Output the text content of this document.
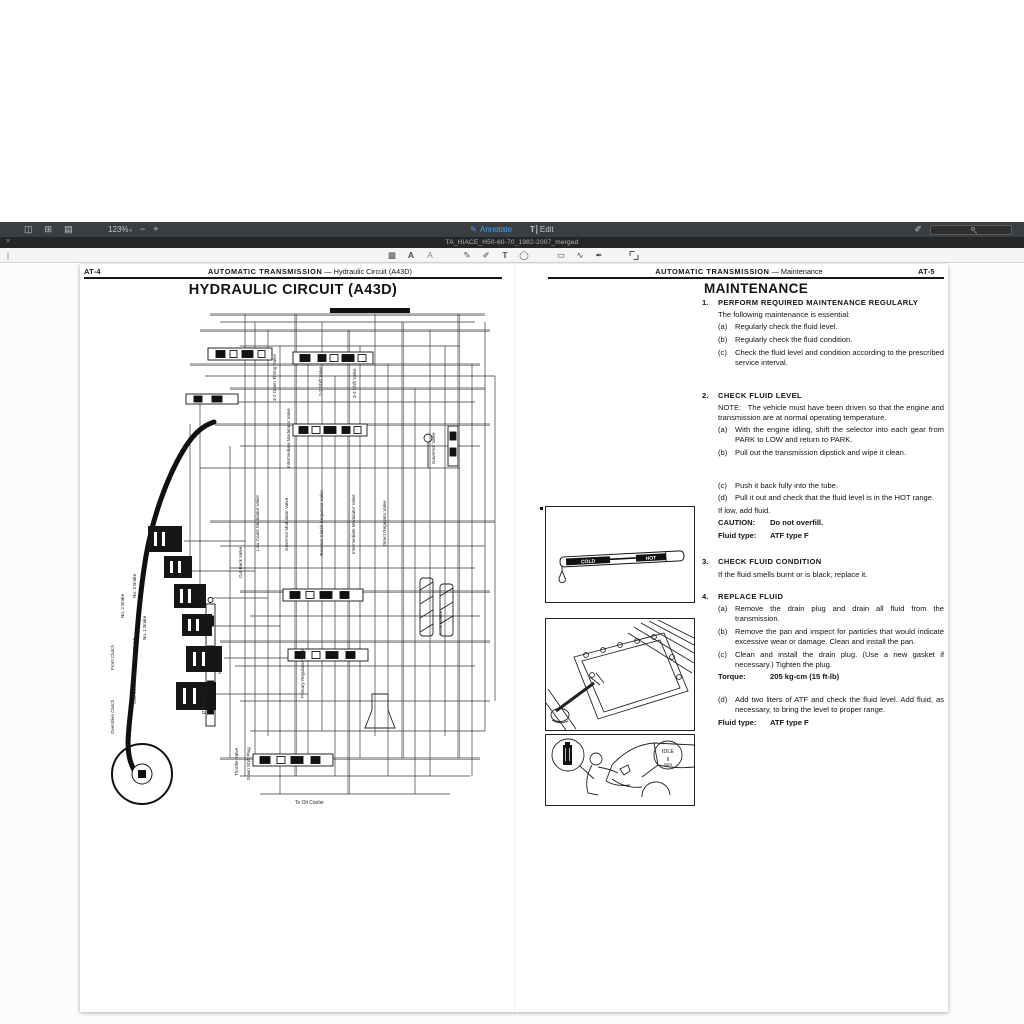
◫ ⊞ ▤	123%▾ − +	✎ Annotate T Edit	✐
×	TA_HIACE_H50-60-70_1982-2007_merged
▩	A	A	✎	✐	T	◯	▭	∿	✒
AT-4	AUTOMATIC TRANSMISSION — Hydraulic Circuit (A43D)
HYDRAULIC CIRCUIT (A43D)
3-2 Down Timing Valve	3-4 Shift Valve
2-3 Shift Valve
Intermediate Modulator Valve
Low Coast Modulator Valve	Governor Modulator Valve	Reverse Clutch Sequence Valve	Intermediate Modulator Valve	Direct Regulator Valve
No. 3 Brake
No. 2 Brake
No. 1 Brake
Rear Clutch
Front Clutch
Overdrive Brake
Overdrive Clutch	P RND2L
Manual Valve	Primary Regulator Valve
Cut-Back Valve
Throttle Valve Down Shift Plug
Accumulator
Governor Valve
To Oil Cooler
AUTOMATIC TRANSMISSION — Maintenance	AT-5
MAINTENANCE
1.	PERFORM REQUIRED MAINTENANCE REGULARLY
The following maintenance is essential:
(a)	Regularly check the fluid level.
(b)	Regularly check the fluid condition.
(c)	Check the fluid level and condition according to the prescribed service interval.
2.	CHECK FLUID LEVEL
NOTE:   The vehicle must have been driven so that the engine and transmission are at normal operating temperature.
(a)	With the engine idling, shift the selector into each gear from PARK to LOW and return to PARK.
(b)	Pull out the transmission dipstick and wipe it clean.
(c)	Push it back fully into the tube.
(d)	Pull it out and check that the fluid level is in the HOT range.
If low, add fluid.
CAUTION:	Do not overfill.
Fluid type:	ATF type F
3.	CHECK FLUID CONDITION
If the fluid smells burnt or is black, replace it.
4.	REPLACE FLUID
(a)	Remove the drain plug and drain all fluid from the transmission.
(b)	Remove the pan and inspect for particles that would indicate excessive wear or damage. Clean and install the pan.
(c)	Clean and install the drain plug. (Use a new gasket if necessary.) Tighten the plug.
Torque:	205 kg-cm (15 ft-lb)
(d)	Add two liters of ATF and check the fluid level. Add fluid, as necessary, to bring the level to proper range.
Fluid type:	ATF type F
COLD	HOT
IDLE
rpm
